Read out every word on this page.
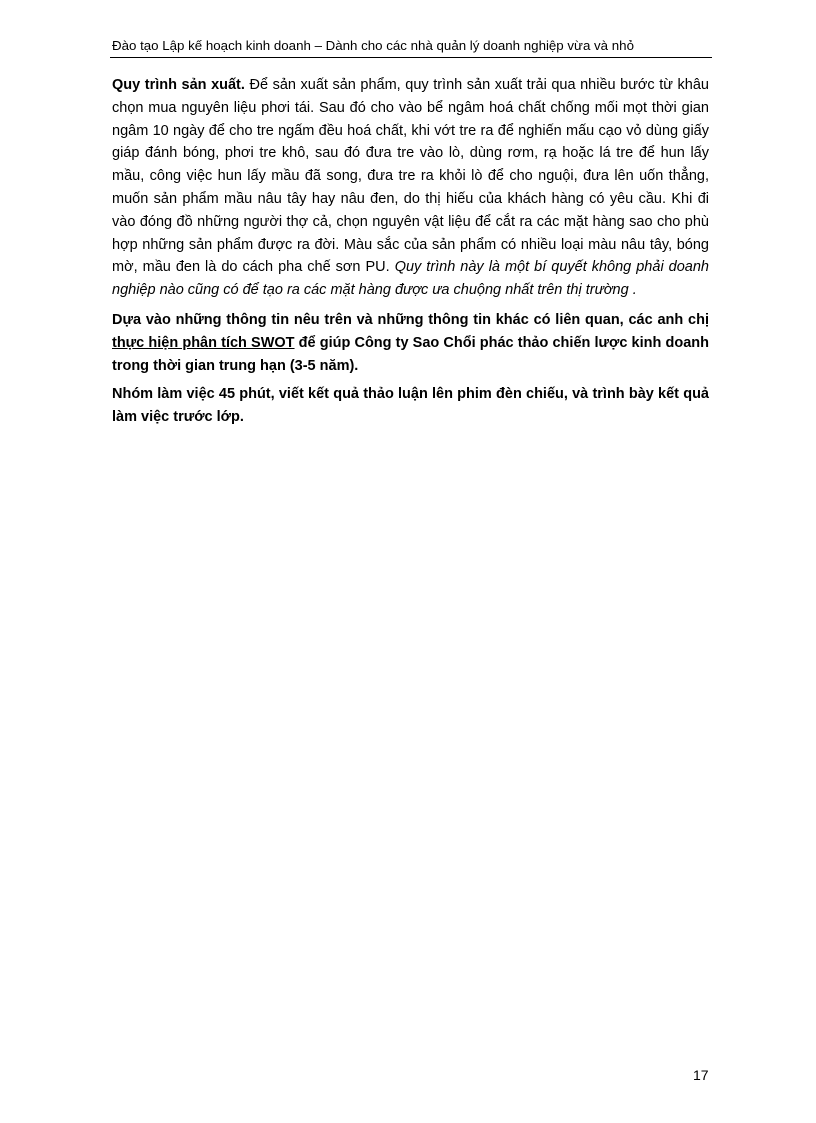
Đào tạo Lập kế hoạch kinh doanh – Dành cho các nhà quản lý doanh nghiệp vừa và nhỏ

Quy trình sản xuất. Để sản xuất sản phẩm, quy trình sản xuất trải qua nhiều bước từ khâu chọn mua nguyên liệu phơi tái. Sau đó cho vào bể ngâm hoá chất chống mối mọt thời gian ngâm 10 ngày để cho tre ngấm đều hoá chất, khi vớt tre ra để nghiến mấu cạo vỏ dùng giấy giáp đánh bóng, phơi tre khô, sau đó đưa tre vào lò, dùng rơm, rạ hoặc lá tre để hun lấy mầu, công việc hun lấy mầu đã song, đưa tre ra khỏi lò để cho nguội, đưa lên uốn thẳng, muốn sản phẩm mầu nâu tây hay nâu đen, do thị hiếu của khách hàng có yêu cầu. Khi đi vào đóng đồ những người thợ cả, chọn nguyên vật liệu để cắt ra các mặt hàng sao cho phù hợp những sản phẩm được ra đời. Màu sắc của sản phẩm có nhiều loại màu nâu tây, bóng mờ, mầu đen là do cách pha chế sơn PU. Quy trình này là một bí quyết không phải doanh nghiệp nào cũng có để tạo ra các mặt hàng được ưa chuộng nhất trên thị trường .

Dựa vào những thông tin nêu trên và những thông tin khác có liên quan, các anh chị thực hiện phân tích SWOT để giúp Công ty Sao Chổi phác thảo chiến lược kinh doanh trong thời gian trung hạn (3-5 năm).

Nhóm làm việc 45 phút, viết kết quả thảo luận lên phim đèn chiếu, và trình bày kết quả làm việc trước lớp.

17
